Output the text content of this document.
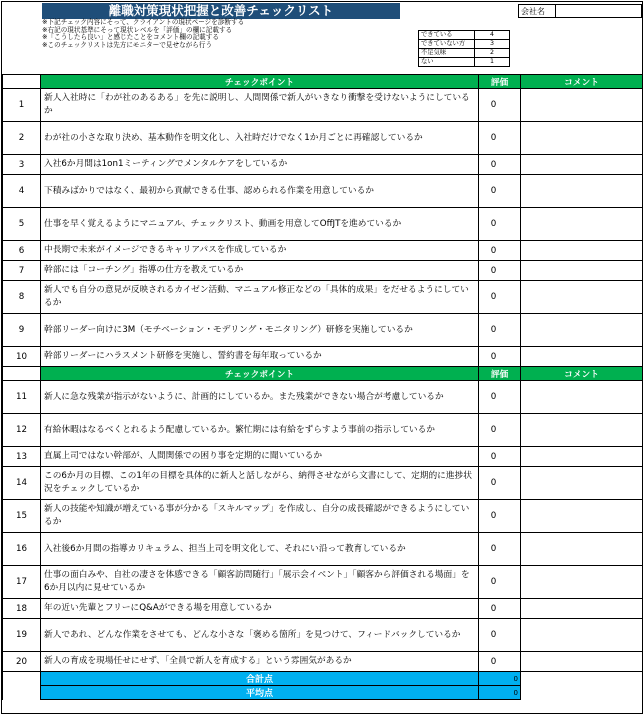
離職対策現状把握と改善チェックリスト	会社名
※下記チェック内容にそって、クライアントの現状ページを診断する
※右記の現状基準にそって現状レベルを「評価」の欄に記載する
※「こうしたら良い」と感じたことをコメント欄の記載する
※このチェックリストは先方にモニターで見せながら行う
できている	4
できていない方	3
不足気味	2
ない	1
	チェックポイント	評価	コメント
1	新人入社時に「わが社のあるある」を先に説明し、人間関係で新人がいきなり衝撃を受けないようにしているか	0	
2	わが社の小さな取り決め、基本動作を明文化し、入社時だけでなく1か月ごとに再確認しているか	0	
3	入社6か月間は1on1ミーティングでメンタルケアをしているか	0	
4	下積みばかりではなく、最初から貢献できる仕事、認められる作業を用意しているか	0	
5	仕事を早く覚えるようにマニュアル、チェックリスト、動画を用意してOffJTを進めているか	0	
6	中長期で未来がイメージできるキャリアパスを作成しているか	0	
7	幹部には「コーチング」指導の仕方を教えているか	0	
8	新人でも自分の意見が反映されるカイゼン活動、マニュアル修正などの「具体的成果」をだせるようにしているか	0	
9	幹部リーダー向けに3M（モチベーション・モデリング・モニタリング）研修を実施しているか	0	
10	幹部リーダーにハラスメント研修を実施し、誓約書を毎年取っているか	0	
	チェックポイント	評価	コメント
11	新人に急な残業が指示がないように、計画的にしているか。また残業ができない場合が考慮しているか	0	
12	有給休暇はなるべくとれるよう配慮しているか。繁忙期には有給をずらすよう事前の指示しているか	0	
13	直属上司ではない幹部が、人間関係での困り事を定期的に聞いているか	0	
14	この6か月の目標、この1年の目標を具体的に新人と話しながら、納得させながら文書にして、定期的に進捗状況をチェックしているか	0	
15	新人の技能や知識が増えている事が分かる「スキルマップ」を作成し、自分の成長確認ができるようにしているか	0	
16	入社後6か月間の指導カリキュラム、担当上司を明文化して、それにい沿って教育しているか	0	
17	仕事の面白みや、自社の凄さを体感できる「顧客訪問随行」「展示会イベント」「顧客から評価される場面」を6か月以内に見せているか	0	
18	年の近い先輩とフリーにQ&Aができる場を用意しているか	0	
19	新人であれ、どんな作業をさせても、どんな小さな「褒める箇所」を見つけて、フィードバックしているか	0	
20	新人の育成を現場任せにせず、「全員で新人を育成する」という雰囲気があるか	0	
	合計点	0	
	平均点	0	
